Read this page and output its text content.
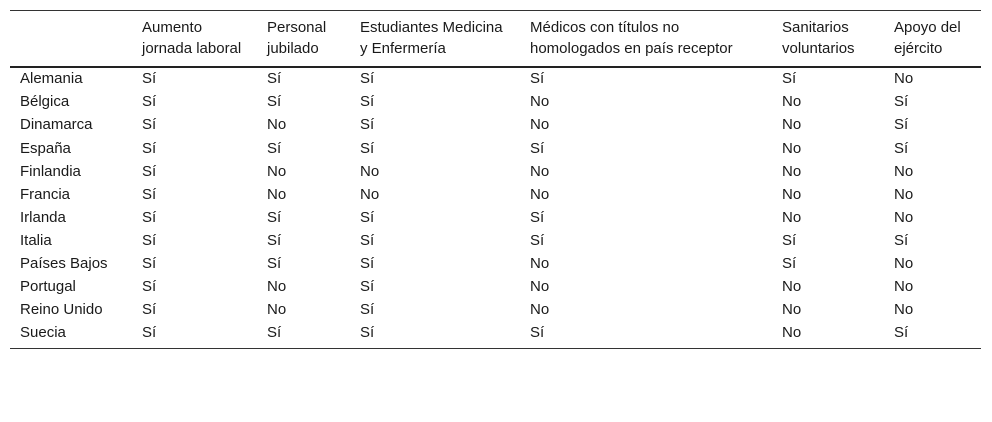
	Aumento jornada laboral	Personal jubilado	Estudiantes Medicina y Enfermería	Médicos con títulos no homologados en país receptor	Sanitarios voluntarios	Apoyo del ejército
Alemania	Sí	Sí	Sí	Sí	Sí	No
Bélgica	Sí	Sí	Sí	No	No	Sí
Dinamarca	Sí	No	Sí	No	No	Sí
España	Sí	Sí	Sí	Sí	No	Sí
Finlandia	Sí	No	No	No	No	No
Francia	Sí	No	No	No	No	No
Irlanda	Sí	Sí	Sí	Sí	No	No
Italia	Sí	Sí	Sí	Sí	Sí	Sí
Países Bajos	Sí	Sí	Sí	No	Sí	No
Portugal	Sí	No	Sí	No	No	No
Reino Unido	Sí	No	Sí	No	No	No
Suecia	Sí	Sí	Sí	Sí	No	Sí
